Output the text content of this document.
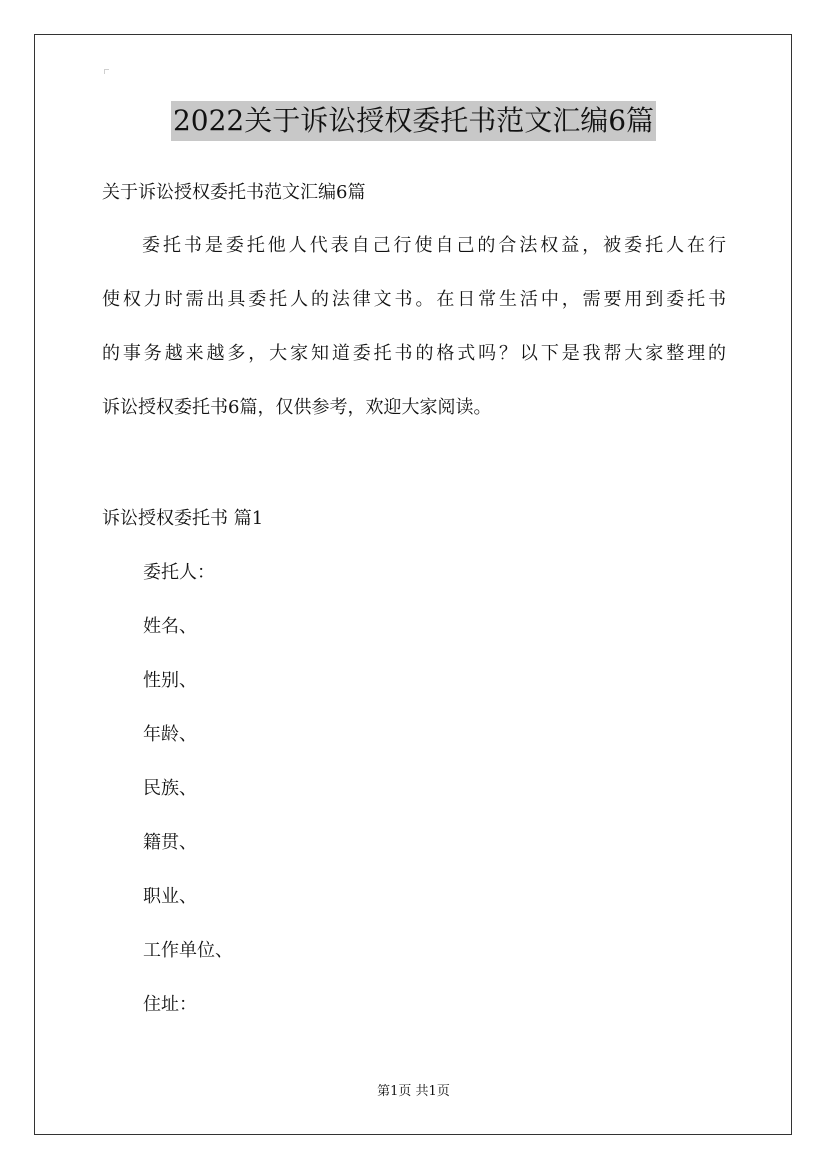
2022关于诉讼授权委托书范文汇编6篇
关于诉讼授权委托书范文汇编6篇
委托书是委托他人代表自己行使自己的合法权益，被委托人在行
使权力时需出具委托人的法律文书。在日常生活中，需要用到委托书
的事务越来越多，大家知道委托书的格式吗？以下是我帮大家整理的
诉讼授权委托书6篇，仅供参考，欢迎大家阅读。
诉讼授权委托书 篇1
委托人：
姓名、
性别、
年龄、
民族、
籍贯、
职业、
工作单位、
住址：
第1页 共1页
